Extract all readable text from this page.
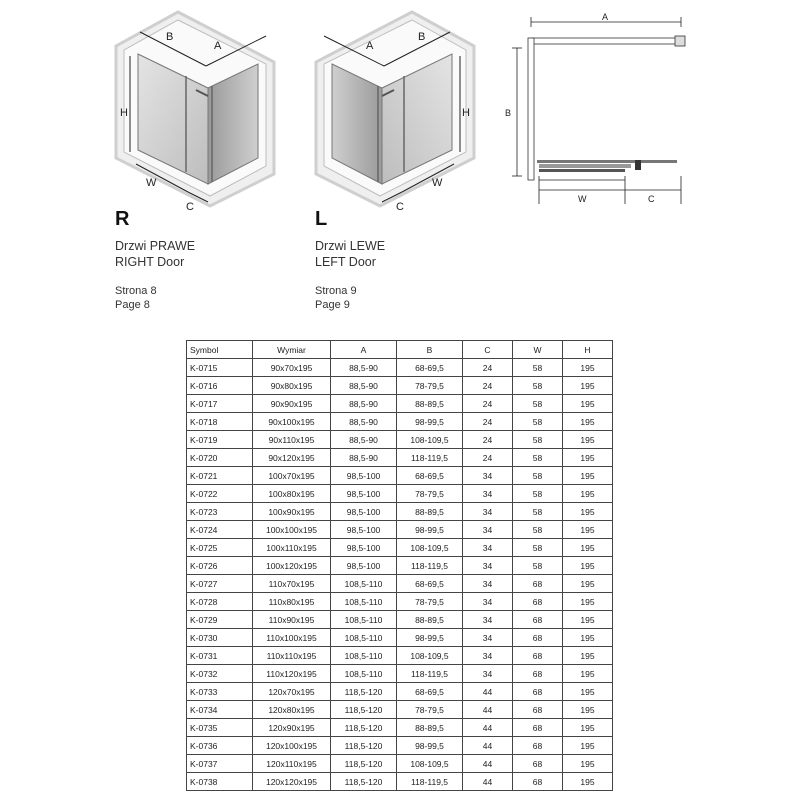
B
A
H
W
C
A
B
H
W
C
A
B
W	C
R
Drzwi PRAWE
RIGHT Door
Strona 8
Page 8
L
Drzwi LEWE
LEFT Door
Strona 9
Page 9
Symbol	Wymiar	A	B	C	W	H
K-0715	90x70x195	88,5-90	68-69,5	24	58	195
K-0716	90x80x195	88,5-90	78-79,5	24	58	195
K-0717	90x90x195	88,5-90	88-89,5	24	58	195
K-0718	90x100x195	88,5-90	98-99,5	24	58	195
K-0719	90x110x195	88,5-90	108-109,5	24	58	195
K-0720	90x120x195	88,5-90	118-119,5	24	58	195
K-0721	100x70x195	98,5-100	68-69,5	34	58	195
K-0722	100x80x195	98,5-100	78-79,5	34	58	195
K-0723	100x90x195	98,5-100	88-89,5	34	58	195
K-0724	100x100x195	98,5-100	98-99,5	34	58	195
K-0725	100x110x195	98,5-100	108-109,5	34	58	195
K-0726	100x120x195	98,5-100	118-119,5	34	58	195
K-0727	110x70x195	108,5-110	68-69,5	34	68	195
K-0728	110x80x195	108,5-110	78-79,5	34	68	195
K-0729	110x90x195	108,5-110	88-89,5	34	68	195
K-0730	110x100x195	108,5-110	98-99,5	34	68	195
K-0731	110x110x195	108,5-110	108-109,5	34	68	195
K-0732	110x120x195	108,5-110	118-119,5	34	68	195
K-0733	120x70x195	118,5-120	68-69,5	44	68	195
K-0734	120x80x195	118,5-120	78-79,5	44	68	195
K-0735	120x90x195	118,5-120	88-89,5	44	68	195
K-0736	120x100x195	118,5-120	98-99,5	44	68	195
K-0737	120x110x195	118,5-120	108-109,5	44	68	195
K-0738	120x120x195	118,5-120	118-119,5	44	68	195
